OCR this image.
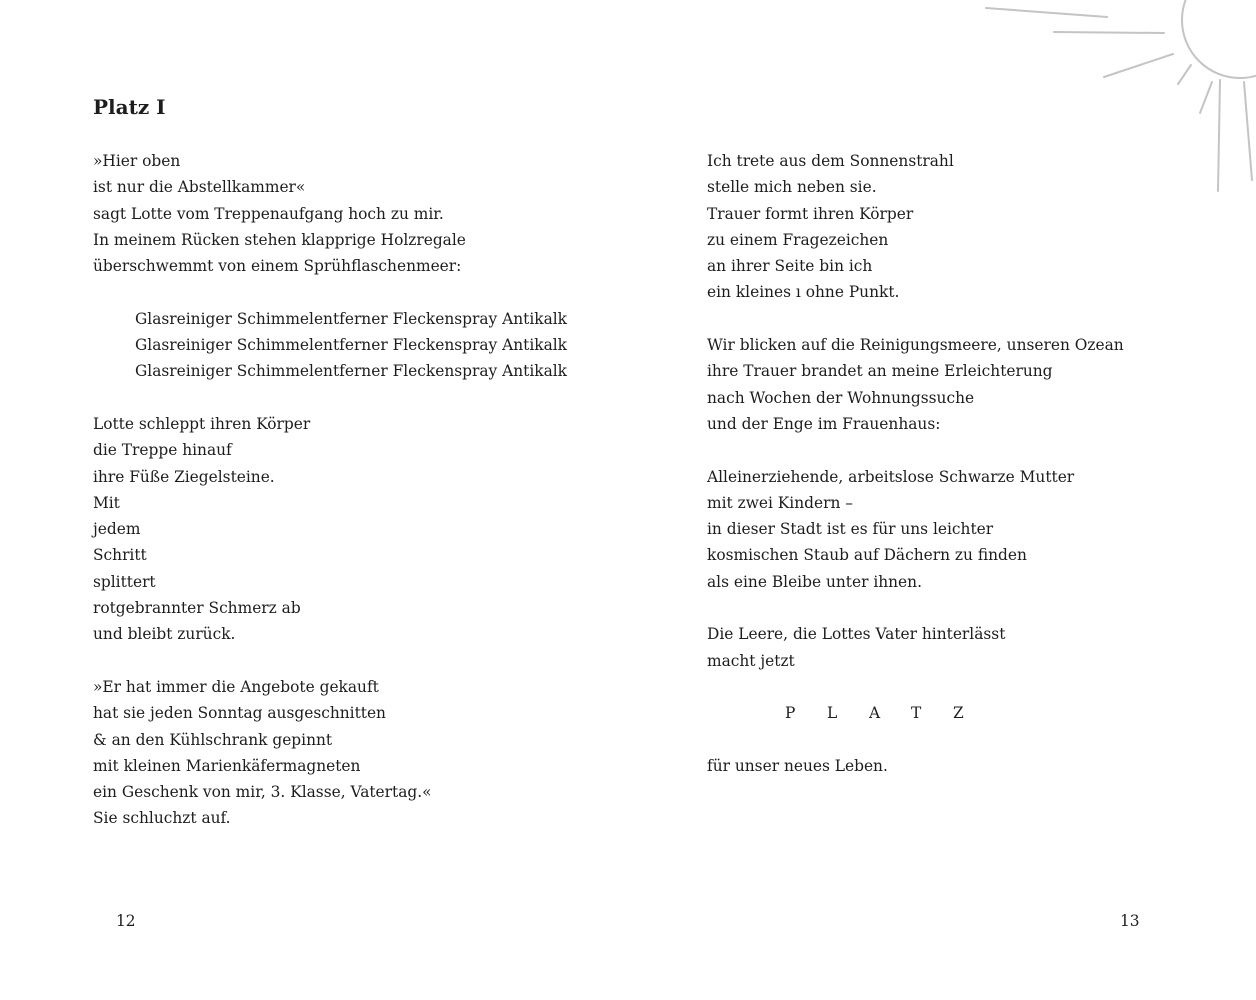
Platz I
»Hier oben
ist nur die Abstellkammer«
sagt Lotte vom Treppenaufgang hoch zu mir.
In meinem Rücken stehen klapprige Holzregale
überschwemmt von einem Sprühflaschenmeer:
Glasreiniger Schimmelentferner Fleckenspray Antikalk
Glasreiniger Schimmelentferner Fleckenspray Antikalk
Glasreiniger Schimmelentferner Fleckenspray Antikalk
Lotte schleppt ihren Körper
die Treppe hinauf
ihre Füße Ziegelsteine.
Mit
jedem
Schritt
splittert
rotgebrannter Schmerz ab
und bleibt zurück.
»Er hat immer die Angebote gekauft
hat sie jeden Sonntag ausgeschnitten
& an den Kühlschrank gepinnt
mit kleinen Marienkäfermagneten
ein Geschenk von mir, 3. Klasse, Vatertag.«
Sie schluchzt auf.
12
Ich trete aus dem Sonnenstrahl
stelle mich neben sie.
Trauer formt ihren Körper
zu einem Fragezeichen
an ihrer Seite bin ich
ein kleines ı ohne Punkt.
Wir blicken auf die Reinigungsmeere, unseren Ozean
ihre Trauer brandet an meine Erleichterung
nach Wochen der Wohnungssuche
und der Enge im Frauenhaus:
Alleinerziehende, arbeitslose Schwarze Mutter
mit zwei Kindern –
in dieser Stadt ist es für uns leichter
kosmischen Staub auf Dächern zu finden
als eine Bleibe unter ihnen.
Die Leere, die Lottes Vater hinterlässt
macht jetzt
P L A T Z
für unser neues Leben.
13
